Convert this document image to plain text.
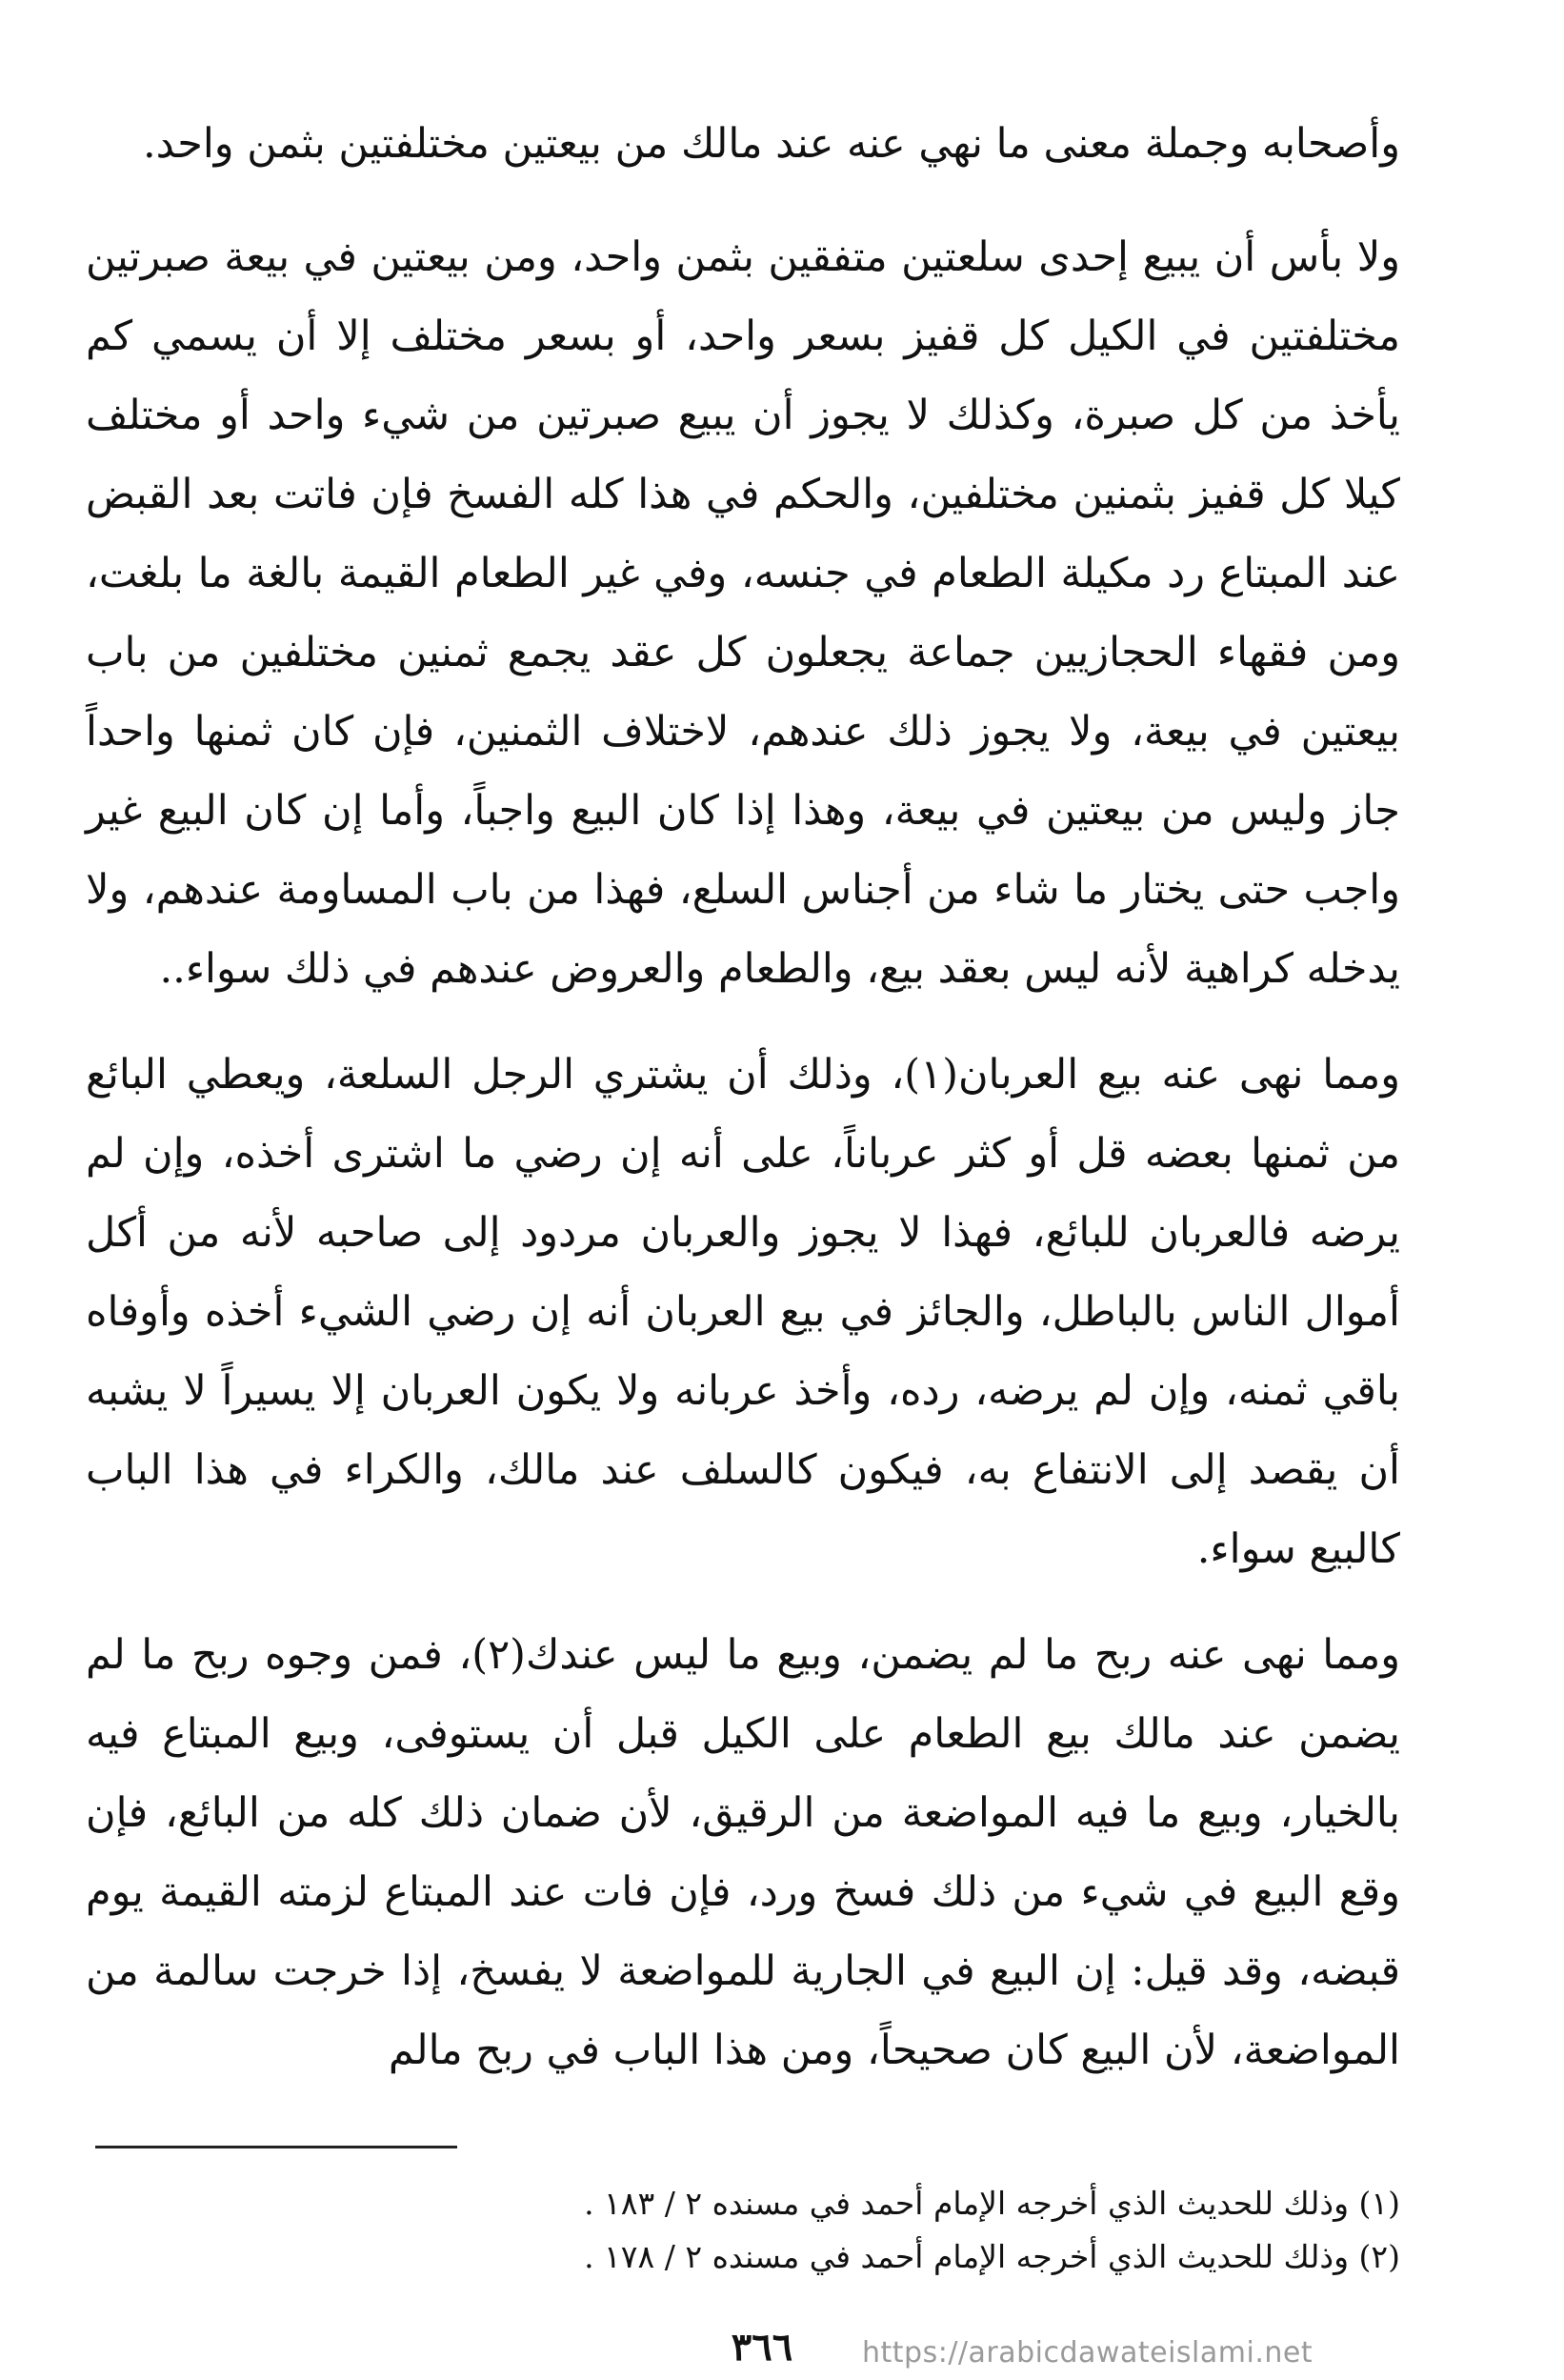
وأصحابه وجملة معنى ما نهي عنه عند مالك من بيعتين مختلفتين بثمن واحد.

ولا بأس أن يبيع إحدى سلعتين متفقين بثمن واحد، ومن بيعتين في بيعة صبرتين مختلفتين في الكيل كل قفيز بسعر واحد، أو بسعر مختلف إلا أن يسمي كم يأخذ من كل صبرة، وكذلك لا يجوز أن يبيع صبرتين من شيء واحد أو مختلف كيلا كل قفيز بثمنين مختلفين، والحكم في هذا كله الفسخ فإن فاتت بعد القبض عند المبتاع رد مكيلة الطعام في جنسه، وفي غير الطعام القيمة بالغة ما بلغت، ومن فقهاء الحجازيين جماعة يجعلون كل عقد يجمع ثمنين مختلفين من باب بيعتين في بيعة، ولا يجوز ذلك عندهم، لاختلاف الثمنين، فإن كان ثمنها واحداً جاز وليس من بيعتين في بيعة، وهذا إذا كان البيع واجباً، وأما إن كان البيع غير واجب حتى يختار ما شاء من أجناس السلع، فهذا من باب المساومة عندهم، ولا يدخله كراهية لأنه ليس بعقد بيع، والطعام والعروض عندهم في ذلك سواء..

ومما نهى عنه بيع العربان(١)، وذلك أن يشتري الرجل السلعة، ويعطي البائع من ثمنها بعضه قل أو كثر عرباناً، على أنه إن رضي ما اشترى أخذه، وإن لم يرضه فالعربان للبائع، فهذا لا يجوز والعربان مردود إلى صاحبه لأنه من أكل أموال الناس بالباطل، والجائز في بيع العربان أنه إن رضي الشيء أخذه وأوفاه باقي ثمنه، وإن لم يرضه، رده، وأخذ عربانه ولا يكون العربان إلا يسيراً لا يشبه أن يقصد إلى الانتفاع به، فيكون كالسلف عند مالك، والكراء في هذا الباب كالبيع سواء.

ومما نهى عنه ربح ما لم يضمن، وبيع ما ليس عندك(٢)، فمن وجوه ربح ما لم يضمن عند مالك بيع الطعام على الكيل قبل أن يستوفى، وبيع المبتاع فيه بالخيار، وبيع ما فيه المواضعة من الرقيق، لأن ضمان ذلك كله من البائع، فإن وقع البيع في شيء من ذلك فسخ ورد، فإن فات عند المبتاع لزمته القيمة يوم قبضه، وقد قيل: إن البيع في الجارية للمواضعة لا يفسخ، إذا خرجت سالمة من المواضعة، لأن البيع كان صحيحاً، ومن هذا الباب في ربح مالم

(١) وذلك للحديث الذي أخرجه الإمام أحمد في مسنده ٢ / ١٨٣ .

(٢) وذلك للحديث الذي أخرجه الإمام أحمد في مسنده ٢ / ١٧٨ .

٣٦٦	https://arabicdawateislami.net
